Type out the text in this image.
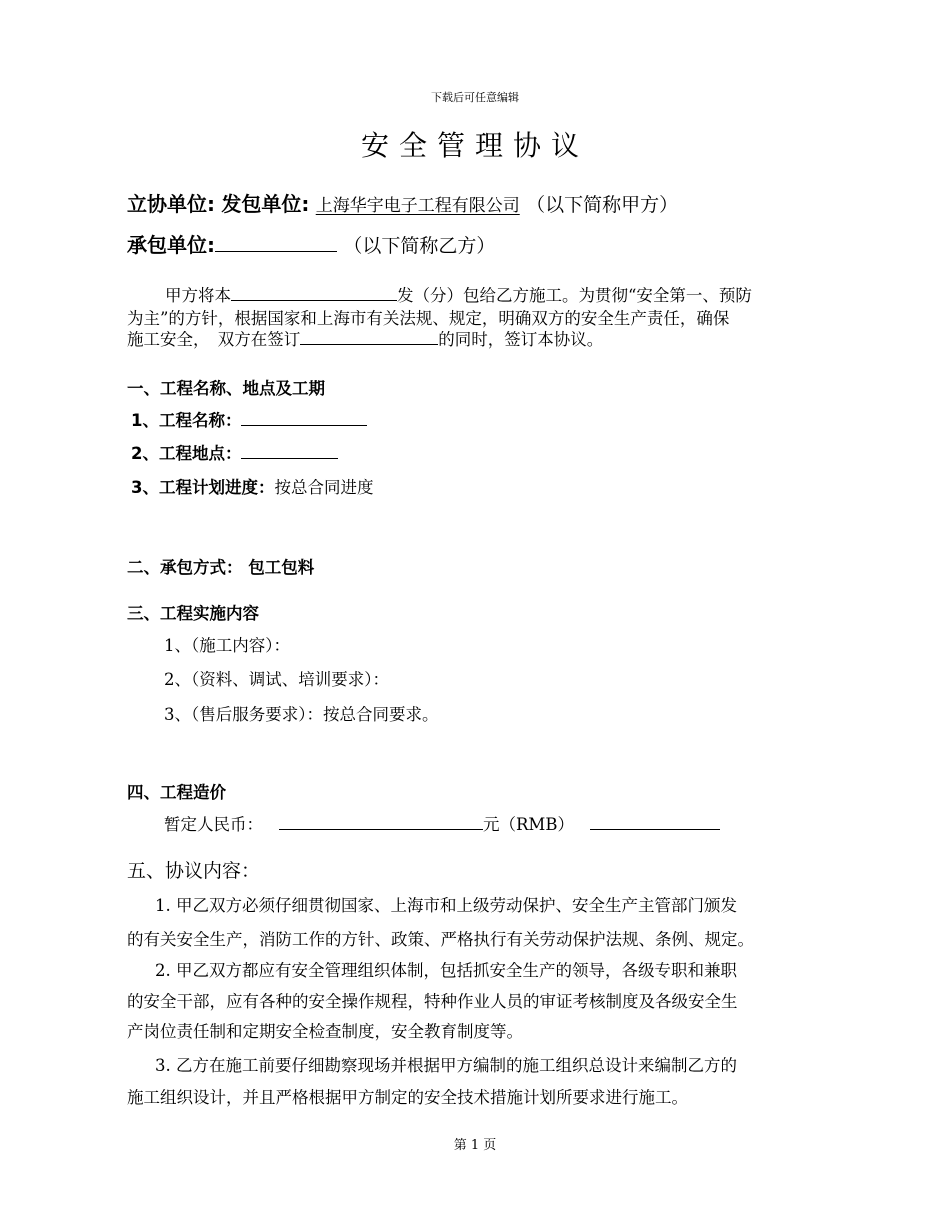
下载后可任意编辑
安全管理协议
立协单位: 发包单位: 上海华宇电子工程有限公司 （以下简称甲方）
承包单位:	（以下简称乙方）
甲方将本	发（分）包给乙方施工。为贯彻“安全第一、预防
为主”的方针，根据国家和上海市有关法规、规定，明确双方的安全生产责任，确保
施工安全，　双方在签订	的同时，签订本协议。
一、工程名称、地点及工期
1、工程名称：
2、工程地点：
3、工程计划进度：按总合同进度
二、承包方式： 包工包料
三、工程实施内容
1、（施工内容）：
2、（资料、调试、培训要求）：
3、（售后服务要求）：按总合同要求。
四、工程造价
暂定人民币：	元（RMB）
五、协议内容：
1. 甲乙双方必须仔细贯彻国家、上海市和上级劳动保护、安全生产主管部门颁发
的有关安全生产，消防工作的方针、政策、严格执行有关劳动保护法规、条例、规定。
2. 甲乙双方都应有安全管理组织体制，包括抓安全生产的领导，各级专职和兼职
的安全干部，应有各种的安全操作规程，特种作业人员的审证考核制度及各级安全生
产岗位责任制和定期安全检查制度，安全教育制度等。
3. 乙方在施工前要仔细勘察现场并根据甲方编制的施工组织总设计来编制乙方的
施工组织设计，并且严格根据甲方制定的安全技术措施计划所要求进行施工。
第 1 页
